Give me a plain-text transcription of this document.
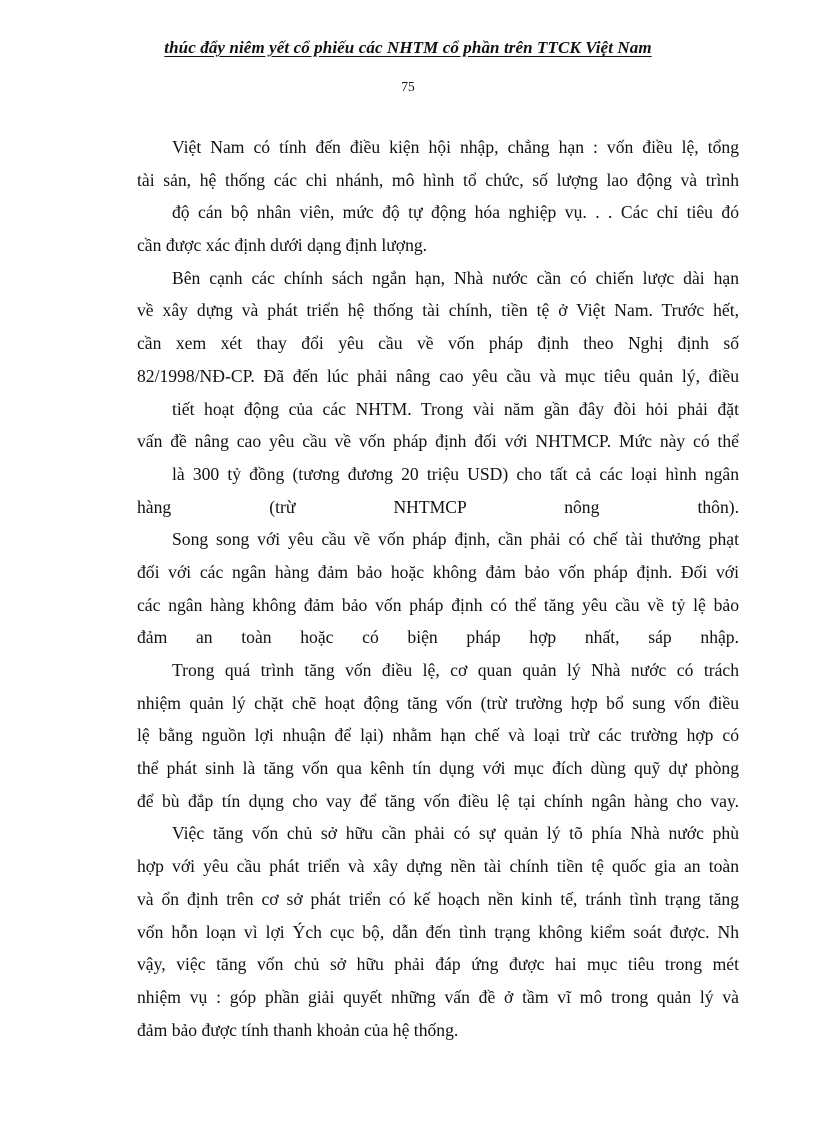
thúc đẩy niêm yết cổ phiếu các NHTM cổ phần trên TTCK Việt Nam
75
Việt Nam có tính đến điều kiện hội nhập, chẳng hạn : vốn điều lệ, tổng
tài sản, hệ thống các chi nhánh, mô hình tổ chức, số lượng lao động và trình
độ cán bộ nhân viên, mức độ tự động hóa nghiệp vụ. . . Các chỉ tiêu đó
cần được xác định dưới dạng định lượng.
Bên cạnh các chính sách ngắn hạn, Nhà nước cần có chiến lược dài hạn
về xây dựng và phát triển hệ thống tài chính, tiền tệ ở Việt Nam. Trước hết,
cần xem xét thay đổi yêu cầu về vốn pháp định theo Nghị định số
82/1998/NĐ-CP. Đã đến lúc phải nâng cao yêu cầu và mục tiêu quản lý, điều
tiết hoạt động của các NHTM. Trong vài năm gần đây đòi hỏi phải đặt
vấn đề nâng cao yêu cầu về vốn pháp định đối với NHTMCP. Mức này có thể
là 300 tỷ đồng (tương đương 20 triệu USD) cho tất cả các loại hình ngân
hàng (trừ NHTMCP nông thôn).
Song song với yêu cầu về vốn pháp định, cần phải có chế tài thưởng phạt
đối với các ngân hàng đảm bảo hoặc không đảm bảo vốn pháp định. Đối với
các ngân hàng không đảm bảo vốn pháp định có thể tăng yêu cầu về tỷ lệ bảo
đảm an toàn hoặc có biện pháp hợp nhất, sáp nhập.
Trong quá trình tăng vốn điều lệ, cơ quan quản lý Nhà nước có trách
nhiệm quản lý chặt chẽ hoạt động tăng vốn (trừ trường hợp bổ sung vốn điều
lệ bằng nguồn lợi nhuận để lại) nhằm hạn chế và loại trừ các trường hợp có
thể phát sinh là tăng vốn qua kênh tín dụng với mục đích dùng quỹ dự phòng
để bù đắp tín dụng cho vay để tăng vốn điều lệ tại chính ngân hàng cho vay.
Việc tăng vốn chủ sở hữu cần phải có sự quản lý tõ phía Nhà nước phù
hợp với yêu cầu phát triển và xây dựng nền tài chính tiền tệ quốc gia an toàn
và ổn định trên cơ sở phát triển có kế hoạch nền kinh tế, tránh tình trạng tăng
vốn hỗn loạn vì lợi Ých cục bộ, dẫn đến tình trạng không kiểm soát được. Nh
vậy, việc tăng vốn chủ sở hữu phải đáp ứng được hai mục tiêu trong mét
nhiệm vụ : góp phần giải quyết những vấn đề ở tầm vĩ mô trong quản lý và
đảm bảo được tính thanh khoản của hệ thống.
